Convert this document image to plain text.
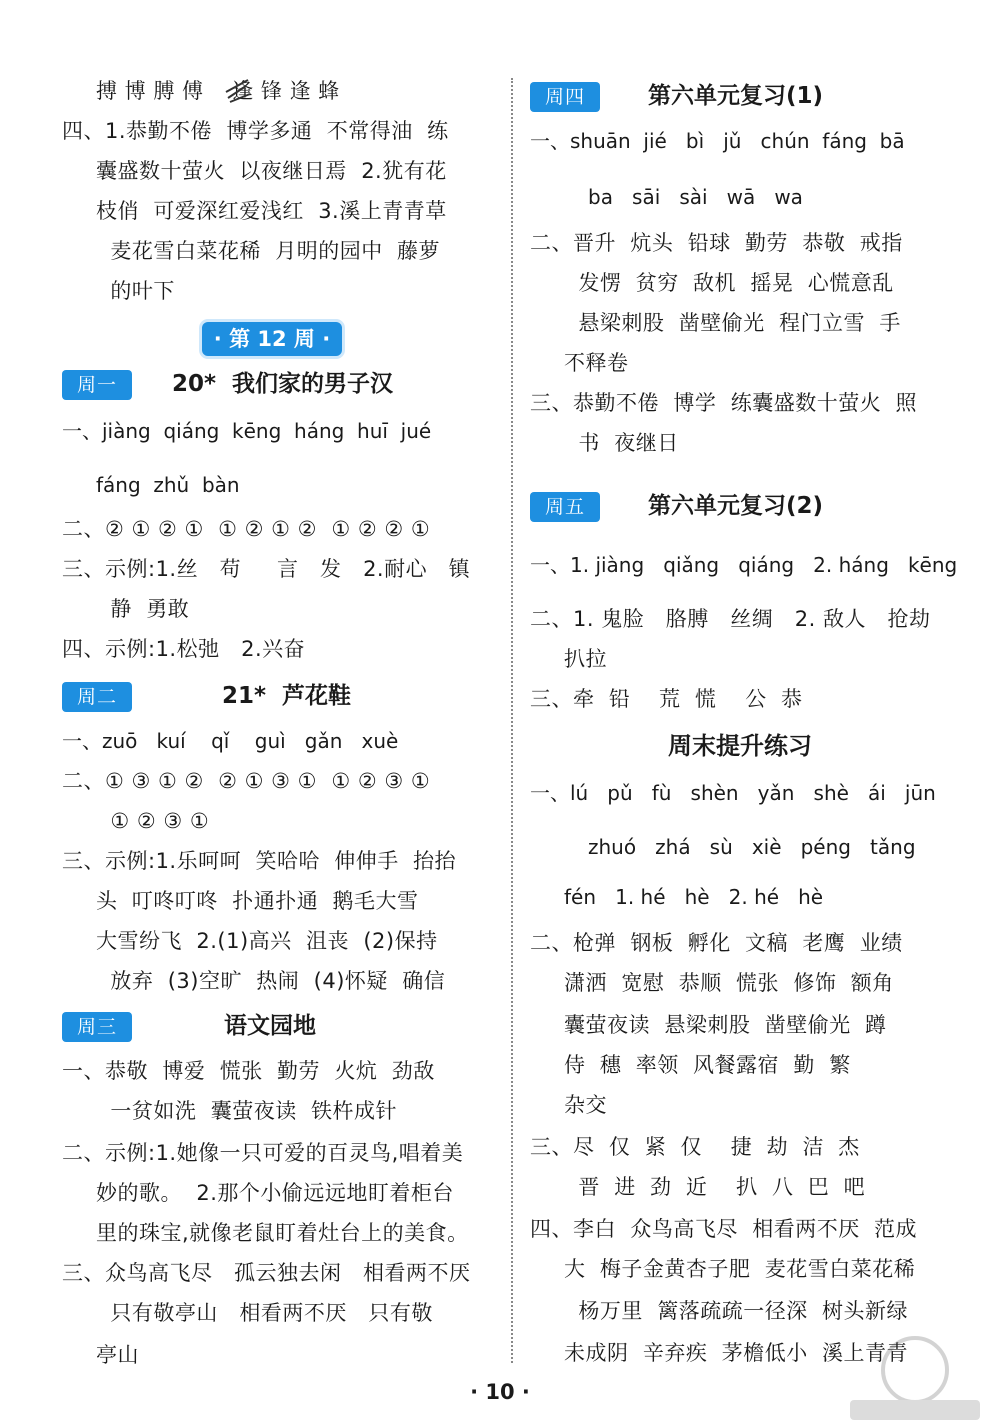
搏 博 膊 傅    逢 锋 逢 蜂
四、1.恭勤不倦  博学多通  不常得油  练
囊盛数十萤火  以夜继日焉  2.犹有花
枝俏  可爱深红爱浅红  3.溪上青青草
麦花雪白菜花稀  月明的园中  藤萝
的叶下
· 第 12 周 ·
周一	20*  我们家的男子汉
一、jiàng  qiáng  kēng  háng  huī  jué
fáng  zhǔ  bàn
二、② ① ② ①  ① ② ① ②  ① ② ② ①
三、示例:1.丝   苟     言   发   2.耐心   镇
静  勇敢
四、示例:1.松弛   2.兴奋
周二	21*  芦花鞋
一、zuō   kuí    qǐ    guì   gǎn   xuè
二、① ③ ① ②  ② ① ③ ①  ① ② ③ ①
① ② ③ ①
三、示例:1.乐呵呵  笑哈哈  伸伸手  抬抬
头  叮咚叮咚  扑通扑通  鹅毛大雪
大雪纷飞  2.(1)高兴  沮丧  (2)保持
放弃  (3)空旷  热闹  (4)怀疑  确信
周三	语文园地
一、恭敬  博爱  慌张  勤劳  火炕  劲敌
一贫如洗  囊萤夜读  铁杵成针
二、示例:1.她像一只可爱的百灵鸟,唱着美
妙的歌。  2.那个小偷远远地盯着柜台
里的珠宝,就像老鼠盯着灶台上的美食。
三、众鸟高飞尽   孤云独去闲   相看两不厌
只有敬亭山   相看两不厌   只有敬
亭山
周四	第六单元复习(1)
一、shuān  jié   bì   jǔ   chún  fáng  bā
ba   sāi   sài   wā   wa
二、晋升  炕头  铅球  勤劳  恭敬  戒指
发愣  贫穷  敌机  摇晃  心慌意乱
悬梁刺股  凿壁偷光  程门立雪  手
不释卷
三、恭勤不倦  博学  练囊盛数十萤火  照
书  夜继日
周五	第六单元复习(2)
一、1. jiàng   qiǎng   qiáng   2. háng   kēng
二、1. 鬼脸   胳膊   丝绸   2. 敌人   抢劫
扒拉
三、牵  铅    荒  慌    公  恭
周末提升练习
一、lú   pǔ   fù   shèn   yǎn   shè   ái   jūn
zhuó   zhá   sù   xiè   péng   tǎng
fén   1. hé   hè   2. hé   hè
二、枪弹  钢板  孵化  文稿  老鹰  业绩
潇洒  宽慰  恭顺  慌张  修饰  额角
囊萤夜读  悬梁刺股  凿壁偷光  蹲
侍  穗  率领  风餐露宿  勤  繁
杂交
三、尽  仅  紧  仅    捷  劫  洁  杰
晋  进  劲  近    扒  八  巴  吧
四、李白  众鸟高飞尽  相看两不厌  范成
大  梅子金黄杏子肥  麦花雪白菜花稀
杨万里  篱落疏疏一径深  树头新绿
未成阴  辛弃疾  茅檐低小  溪上青青
· 10 ·
